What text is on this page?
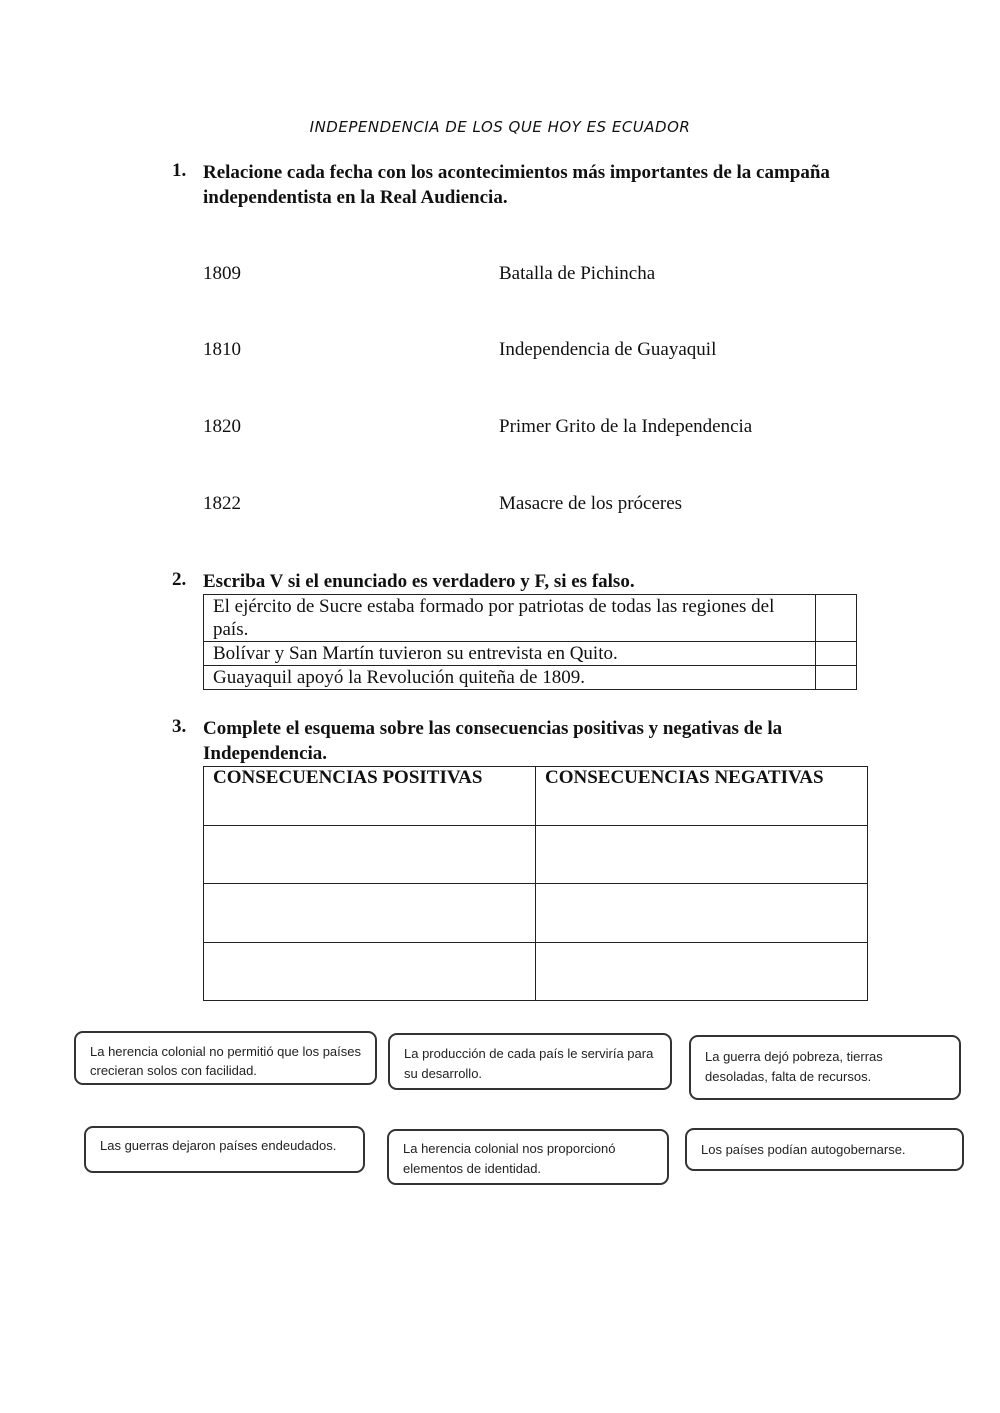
INDEPENDENCIA DE LOS QUE HOY ES ECUADOR
1. Relacione cada fecha con los acontecimientos más importantes de la campaña independentista en la Real Audiencia.
1809	Batalla de Pichincha
1810	Independencia de Guayaquil
1820	Primer Grito de la Independencia
1822	Masacre de los próceres
2. Escriba V si el enunciado es verdadero y F, si es falso.
El ejército de Sucre estaba formado por patriotas de todas las regiones del país.	
Bolívar y San Martín tuvieron su entrevista en Quito.	
Guayaquil apoyó la Revolución quiteña de 1809.	
3. Complete el esquema sobre las consecuencias positivas y negativas de la Independencia.
CONSECUENCIAS POSITIVAS	CONSECUENCIAS NEGATIVAS

La herencia colonial no permitió que los países crecieran solos con facilidad.
La producción de cada país le serviría para su desarrollo.
La guerra dejó pobreza, tierras desoladas, falta de recursos.
Las guerras dejaron países endeudados.	La herencia colonial nos proporcionó elementos de identidad.
Los países podían autogobernarse.
